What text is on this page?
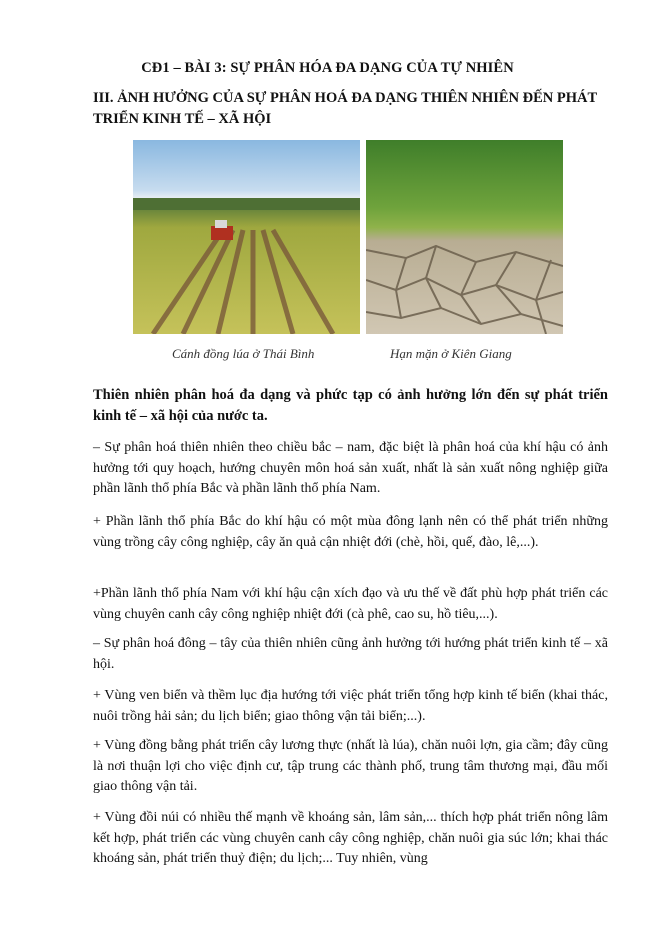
CĐ1 – BÀI 3: SỰ PHÂN HÓA ĐA DẠNG CỦA TỰ NHIÊN
III. ẢNH HƯỞNG CỦA SỰ PHÂN HOÁ ĐA DẠNG THIÊN NHIÊN ĐẾN PHÁT TRIỂN KINH TẾ – XÃ HỘI
Cánh đồng lúa ở Thái Bình	Hạn mặn ở Kiên Giang
Thiên nhiên phân hoá đa dạng và phức tạp có ảnh hưởng lớn đến sự phát triển kinh tế – xã hội của nước ta.
– Sự phân hoá thiên nhiên theo chiều bắc – nam, đặc biệt là phân hoá của khí hậu có ảnh hưởng tới quy hoạch, hướng chuyên môn hoá sản xuất, nhất là sản xuất nông nghiệp giữa phần lãnh thổ phía Bắc và phần lãnh thổ phía Nam.
+ Phần lãnh thổ phía Bắc do khí hậu có một mùa đông lạnh nên có thể phát triển những vùng trồng cây công nghiệp, cây ăn quả cận nhiệt đới (chè, hồi, quế, đào, lê,...).
+Phần lãnh thổ phía Nam với khí hậu cận xích đạo và ưu thế về đất phù hợp phát triển các vùng chuyên canh cây công nghiệp nhiệt đới (cà phê, cao su, hồ tiêu,...).
– Sự phân hoá đông – tây của thiên nhiên cũng ảnh hưởng tới hướng phát triển kinh tế – xã hội.
+ Vùng ven biển và thềm lục địa hướng tới việc phát triển tổng hợp kinh tế biển (khai thác, nuôi trồng hải sản; du lịch biển; giao thông vận tải biển;...).
+ Vùng đồng bằng phát triển cây lương thực (nhất là lúa), chăn nuôi lợn, gia cầm; đây cũng là nơi thuận lợi cho việc định cư, tập trung các thành phố, trung tâm thương mại, đầu mối giao thông vận tải.
+ Vùng đồi núi có nhiều thế mạnh về khoáng sản, lâm sản,... thích hợp phát triển nông lâm kết hợp, phát triển các vùng chuyên canh cây công nghiệp, chăn nuôi gia súc lớn; khai thác khoáng sản, phát triển thuỷ điện; du lịch;... Tuy nhiên, vùng
